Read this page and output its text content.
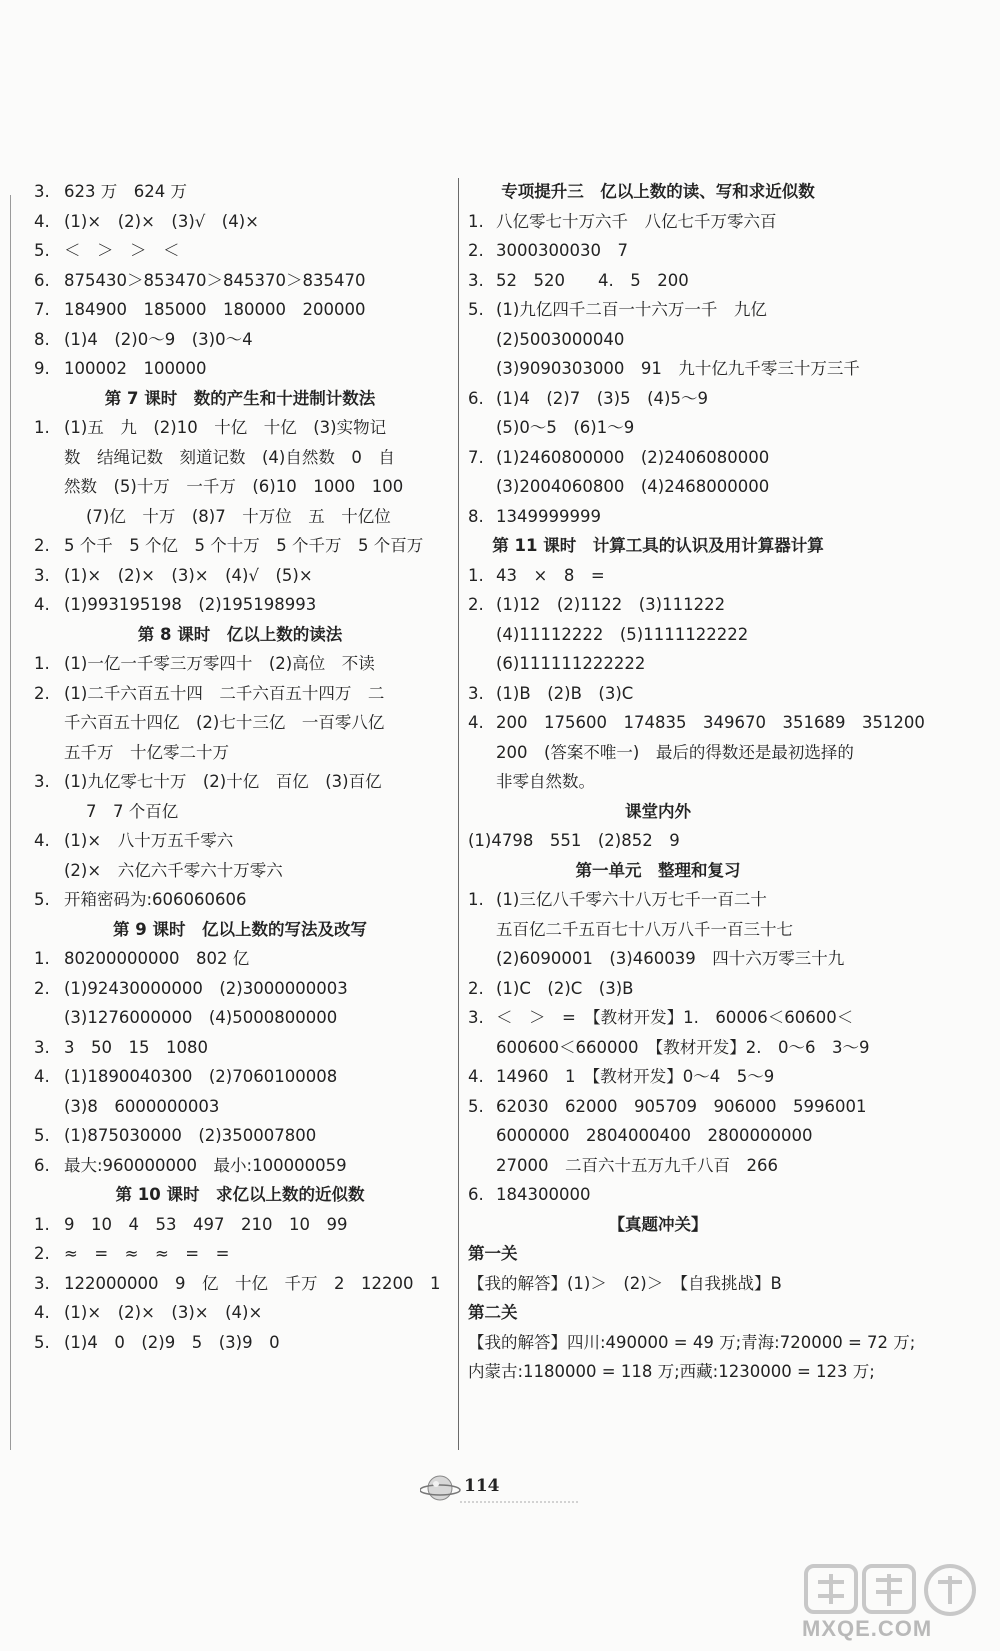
3. 623 万　624 万
4. (1)×　(2)×　(3)√　(4)×
5. ＜　＞　＞　＜
6. 875430＞853470＞845370＞835470
7. 184900　185000　180000　200000
8. (1)4　(2)0～9　(3)0～4
9. 100002　100000
第 7 课时　数的产生和十进制计数法
1. (1)五　九　(2)10　十亿　十亿　(3)实物记
数　结绳记数　刻道记数　(4)自然数　0　自
然数　(5)十万　一千万　(6)10　1000　100
(7)亿　十万　(8)7　十万位　五　十亿位
2. 5 个千　5 个亿　5 个十万　5 个千万　5 个百万
3. (1)×　(2)×　(3)×　(4)√　(5)×
4. (1)993195198　(2)195198993
第 8 课时　亿以上数的读法
1. (1)一亿一千零三万零四十　(2)高位　不读
2. (1)二千六百五十四　二千六百五十四万　二
千六百五十四亿　(2)七十三亿　一百零八亿
五千万　十亿零二十万
3. (1)九亿零七十万　(2)十亿　百亿　(3)百亿
7　7 个百亿
4. (1)×　八十万五千零六
(2)×　六亿六千零六十万零六
5. 开箱密码为:606060606
第 9 课时　亿以上数的写法及改写
1. 80200000000　802 亿
2. (1)92430000000　(2)3000000003
(3)1276000000　(4)5000800000
3. 3　50　15　1080
4. (1)1890040300　(2)7060100008
(3)8　6000000003
5. (1)875030000　(2)350007800
6. 最大:960000000　最小:100000059
第 10 课时　求亿以上数的近似数
1. 9　10　4　53　497　210　10　99
2. ≈　=　≈　≈　=　=
3. 122000000　9　亿　十亿　千万　2　12200　1
4. (1)×　(2)×　(3)×　(4)×
5. (1)4　0　(2)9　5　(3)9　0
专项提升三　亿以上数的读、写和求近似数
1. 八亿零七十万六千　八亿七千万零六百
2. 3000300030　7
3. 52　520　　4.　5　200
5. (1)九亿四千二百一十六万一千　九亿
(2)5003000040
(3)9090303000　91　九十亿九千零三十万三千
6. (1)4　(2)7　(3)5　(4)5～9
(5)0～5　(6)1～9
7. (1)2460800000　(2)2406080000
(3)2004060800　(4)2468000000
8. 1349999999
第 11 课时　计算工具的认识及用计算器计算
1. 43　×　8　=
2. (1)12　(2)1122　(3)111222
(4)11112222　(5)1111122222
(6)111111222222
3. (1)B　(2)B　(3)C
4. 200　175600　174835　349670　351689　351200
200　(答案不唯一)　最后的得数还是最初选择的
非零自然数。
课堂内外
(1)4798　551　(2)852　9
第一单元　整理和复习
1. (1)三亿八千零六十八万七千一百二十
五百亿二千五百七十八万八千一百三十七
(2)6090001　(3)460039　四十六万零三十九
2. (1)C　(2)C　(3)B
3. ＜　＞　=　【教材开发】1.　60006＜60600＜
600600＜660000　【教材开发】2.　0～6　3～9
4. 14960　1　【教材开发】0～4　5～9
5. 62030　62000　905709　906000　5996001
6000000　2804000400　2800000000
27000　二百六十五万九千八百　266
6. 184300000
【真题冲关】
第一关
【我的解答】(1)＞　(2)＞　【自我挑战】B
第二关
【我的解答】四川:490000 = 49 万;青海:720000 = 72 万;
内蒙古:1180000 = 118 万;西藏:1230000 = 123 万;
114
MXQE.COM
